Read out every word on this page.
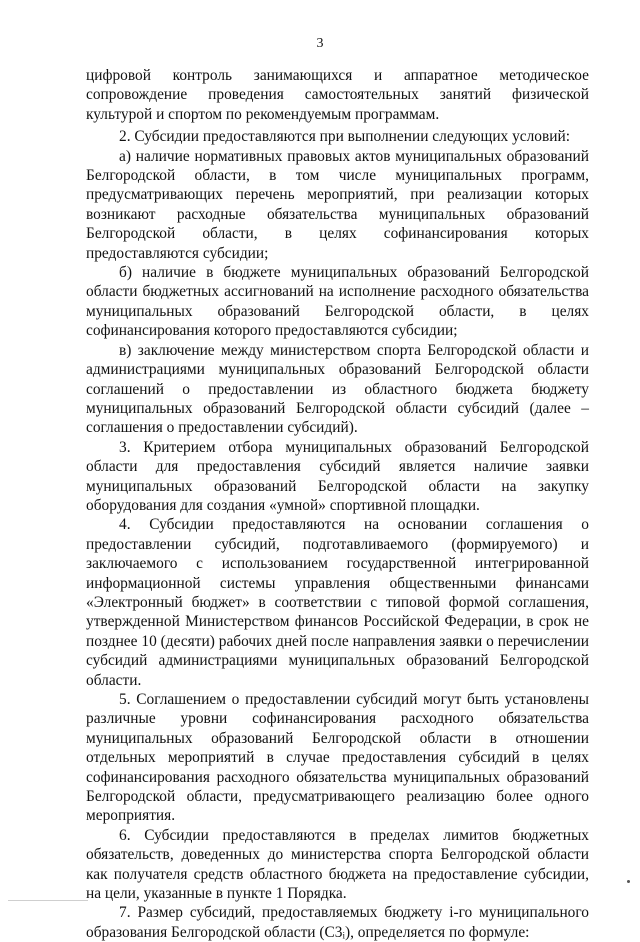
3

цифровой контроль занимающихся и аппаратное методическое сопровождение проведения самостоятельных занятий физической культурой и спортом по рекомендуемым программам.

2. Субсидии предоставляются при выполнении следующих условий:

а) наличие нормативных правовых актов муниципальных образований Белгородской области, в том числе муниципальных программ, предусматривающих перечень мероприятий, при реализации которых возникают расходные обязательства муниципальных образований Белгородской области, в целях софинансирования которых предоставляются субсидии;

б) наличие в бюджете муниципальных образований Белгородской области бюджетных ассигнований на исполнение расходного обязательства муниципальных образований Белгородской области, в целях софинансирования которого предоставляются субсидии;

в) заключение между министерством спорта Белгородской области и администрациями муниципальных образований Белгородской области соглашений о предоставлении из областного бюджета бюджету муниципальных образований Белгородской области субсидий (далее – соглашения о предоставлении субсидий).

3. Критерием отбора муниципальных образований Белгородской области для предоставления субсидий является наличие заявки муниципальных образований Белгородской области на закупку оборудования для создания «умной» спортивной площадки.

4. Субсидии предоставляются на основании соглашения о предоставлении субсидий, подготавливаемого (формируемого) и заключаемого с использованием государственной интегрированной информационной системы управления общественными финансами «Электронный бюджет» в соответствии с типовой формой соглашения, утвержденной Министерством финансов Российской Федерации, в срок не позднее 10 (десяти) рабочих дней после направления заявки о перечислении субсидий администрациями муниципальных образований Белгородской области.

5. Соглашением о предоставлении субсидий могут быть установлены различные уровни софинансирования расходного обязательства муниципальных образований Белгородской области в отношении отдельных мероприятий в случае предоставления субсидий в целях софинансирования расходного обязательства муниципальных образований Белгородской области, предусматривающего реализацию более одного мероприятия.

6. Субсидии предоставляются в пределах лимитов бюджетных обязательств, доведенных до министерства спорта Белгородской области как получателя средств областного бюджета на предоставление субсидии, на цели, указанные в пункте 1 Порядка.

7. Размер субсидий, предоставляемых бюджету i-го муниципального образования Белгородской области (С3ᵢ), определяется по формуле:
